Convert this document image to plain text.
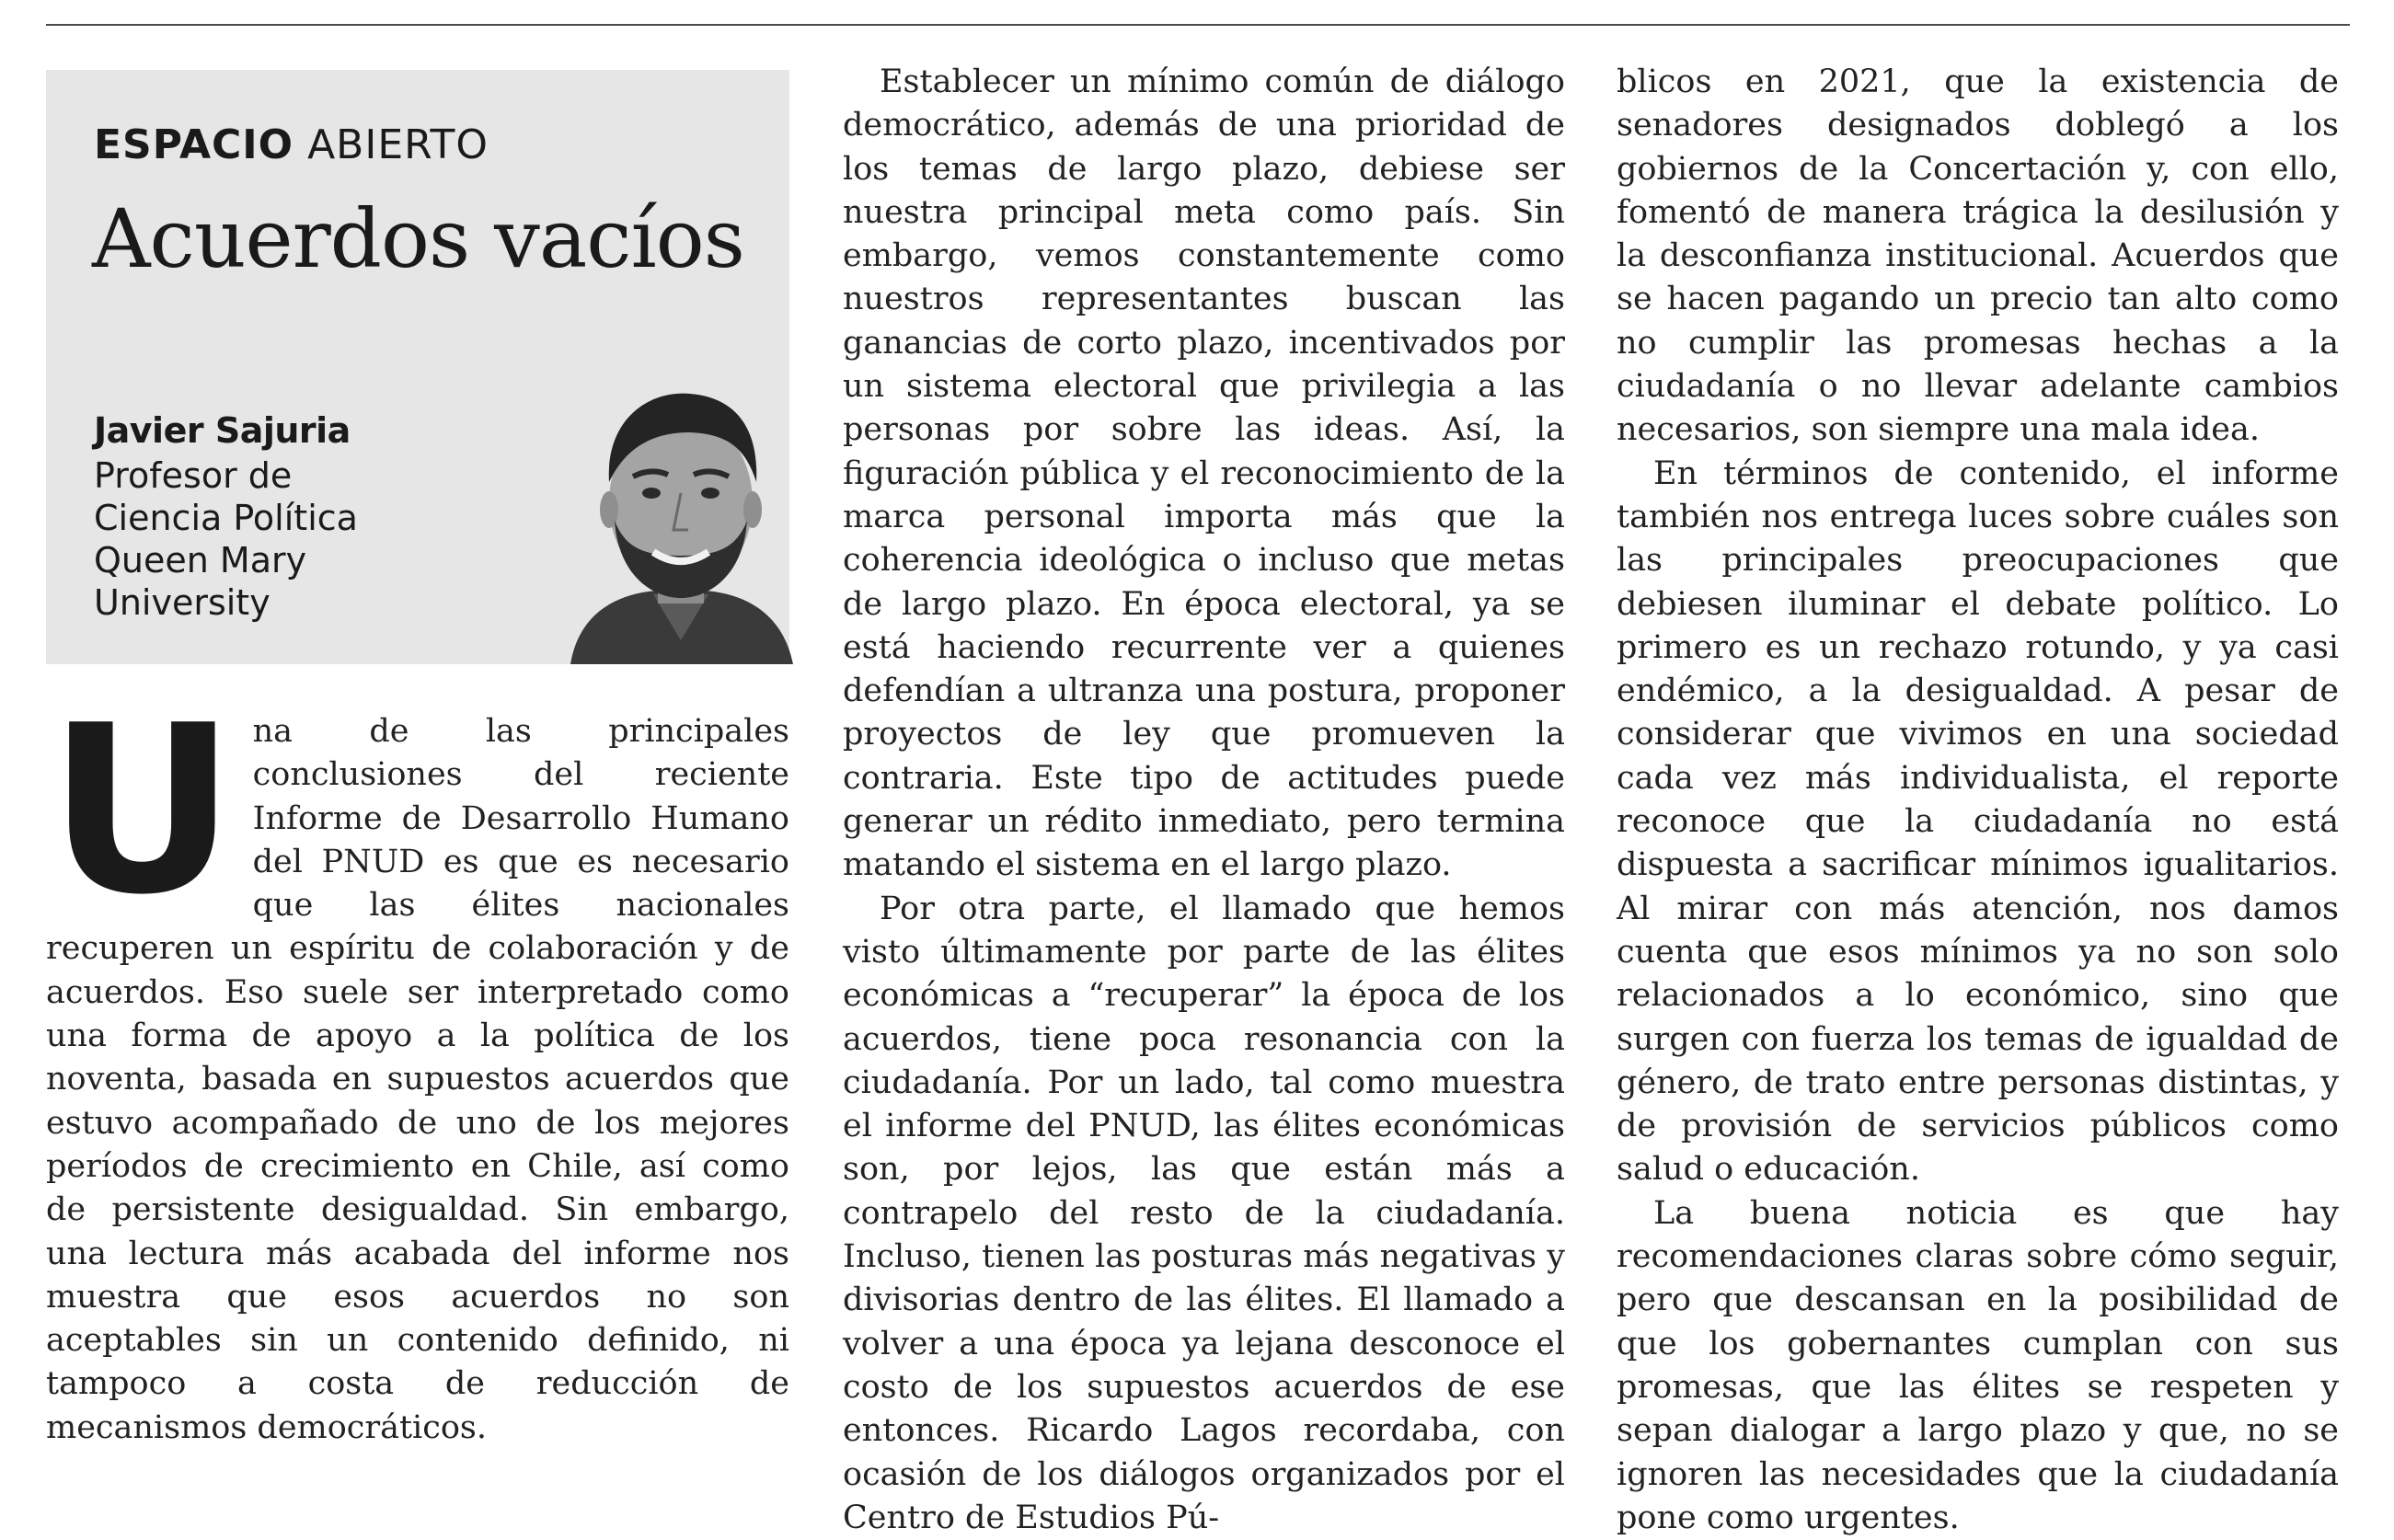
ESPACIO ABIERTO
Acuerdos vacíos
Javier Sajuria
Profesor de
Ciencia Política
Queen Mary
University

Una de las principales conclusiones del reciente Informe de Desarrollo Humano del PNUD es que es necesario que las élites nacionales recuperen un espíritu de colaboración y de acuerdos. Eso suele ser interpretado como una forma de apoyo a la política de los noventa, basada en supuestos acuerdos que estuvo acompañado de uno de los mejores períodos de crecimiento en Chile, así como de persistente desigualdad. Sin embargo, una lectura más acabada del informe nos muestra que esos acuerdos no son aceptables sin un contenido definido, ni tampoco a costa de reducción de mecanismos democráticos.

Establecer un mínimo común de diálogo democrático, además de una prioridad de los temas de largo plazo, debiese ser nuestra principal meta como país. Sin embargo, vemos constantemente como nuestros representantes buscan las ganancias de corto plazo, incentivados por un sistema electoral que privilegia a las personas por sobre las ideas. Así, la figuración pública y el reconocimiento de la marca personal importa más que la coherencia ideológica o incluso que metas de largo plazo. En época electoral, ya se está haciendo recurrente ver a quienes defendían a ultranza una postura, proponer proyectos de ley que promueven la contraria. Este tipo de actitudes puede generar un rédito inmediato, pero termina matando el sistema en el largo plazo.

Por otra parte, el llamado que hemos visto últimamente por parte de las élites económicas a “recuperar” la época de los acuerdos, tiene poca resonancia con la ciudadanía. Por un lado, tal como muestra el informe del PNUD, las élites económicas son, por lejos, las que están más a contrapelo del resto de la ciudadanía. Incluso, tienen las posturas más negativas y divisorias dentro de las élites. El llamado a volver a una época ya lejana desconoce el costo de los supuestos acuerdos de ese entonces. Ricardo Lagos recordaba, con ocasión de los diálogos organizados por el Centro de Estudios Pú-

blicos en 2021, que la existencia de senadores designados doblegó a los gobiernos de la Concertación y, con ello, fomentó de manera trágica la desilusión y la desconfianza institucional. Acuerdos que se hacen pagando un precio tan alto como no cumplir las promesas hechas a la ciudadanía o no llevar adelante cambios necesarios, son siempre una mala idea.

En términos de contenido, el informe también nos entrega luces sobre cuáles son las principales preocupaciones que debiesen iluminar el debate político. Lo primero es un rechazo rotundo, y ya casi endémico, a la desigualdad. A pesar de considerar que vivimos en una sociedad cada vez más individualista, el reporte reconoce que la ciudadanía no está dispuesta a sacrificar mínimos igualitarios. Al mirar con más atención, nos damos cuenta que esos mínimos ya no son solo relacionados a lo económico, sino que surgen con fuerza los temas de igualdad de género, de trato entre personas distintas, y de provisión de servicios públicos como salud o educación.

La buena noticia es que hay recomendaciones claras sobre cómo seguir, pero que descansan en la posibilidad de que los gobernantes cumplan con sus promesas, que las élites se respeten y sepan dialogar a largo plazo y que, no se ignoren las necesidades que la ciudadanía pone como urgentes.
